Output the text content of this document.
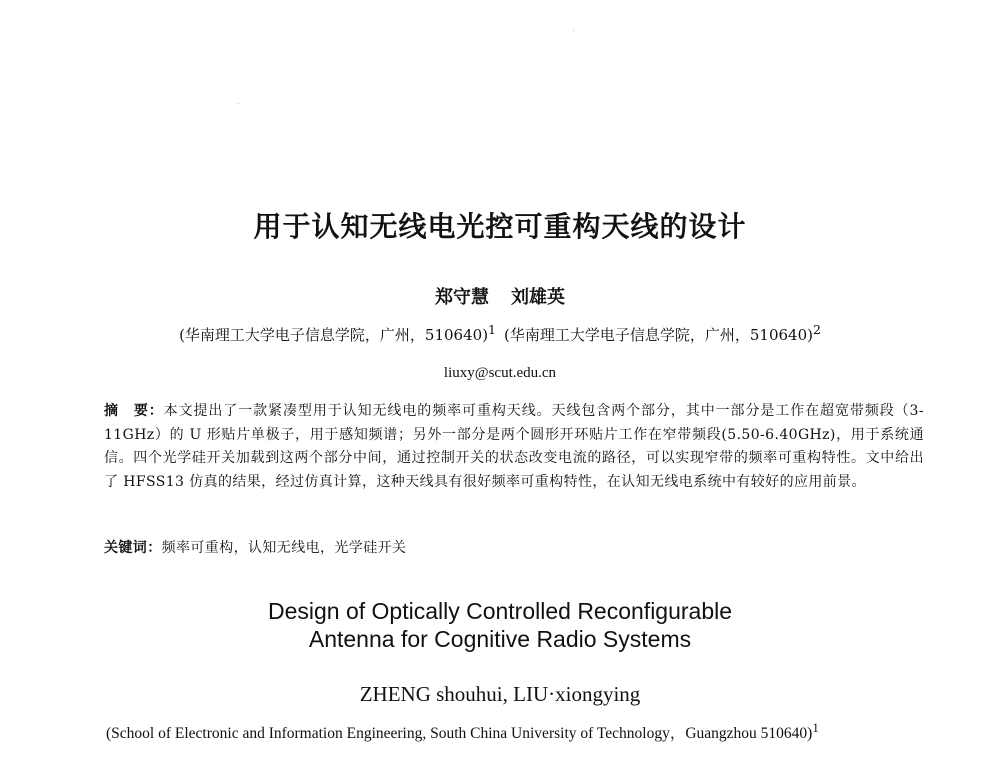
用于认知无线电光控可重构天线的设计
郑守慧 刘雄英
(华南理工大学电子信息学院，广州，510640)$^1$ (华南理工大学电子信息学院，广州，510640)$^2$
liuxy@scut.edu.cn
摘　要：本文提出了一款紧凑型用于认知无线电的频率可重构天线。天线包含两个部分，其中一部分是工作在超宽带频段（3-11GHz）的 U 形贴片单极子，用于感知频谱；另外一部分是两个圆形开环贴片工作在窄带频段(5.50-6.40GHz)，用于系统通信。四个光学硅开关加载到这两个部分中间，通过控制开关的状态改变电流的路径，可以实现窄带的频率可重构特性。文中给出了 HFSS13 仿真的结果，经过仿真计算，这种天线具有很好频率可重构特性，在认知无线电系统中有较好的应用前景。
关键词：频率可重构，认知无线电，光学硅开关
Design of Optically Controlled Reconfigurable
Antenna for Cognitive Radio Systems
ZHENG shouhui, LIU·xiongying
(School of Electronic and Information Engineering, South China University of Technology，Guangzhou 510640)$^1$
